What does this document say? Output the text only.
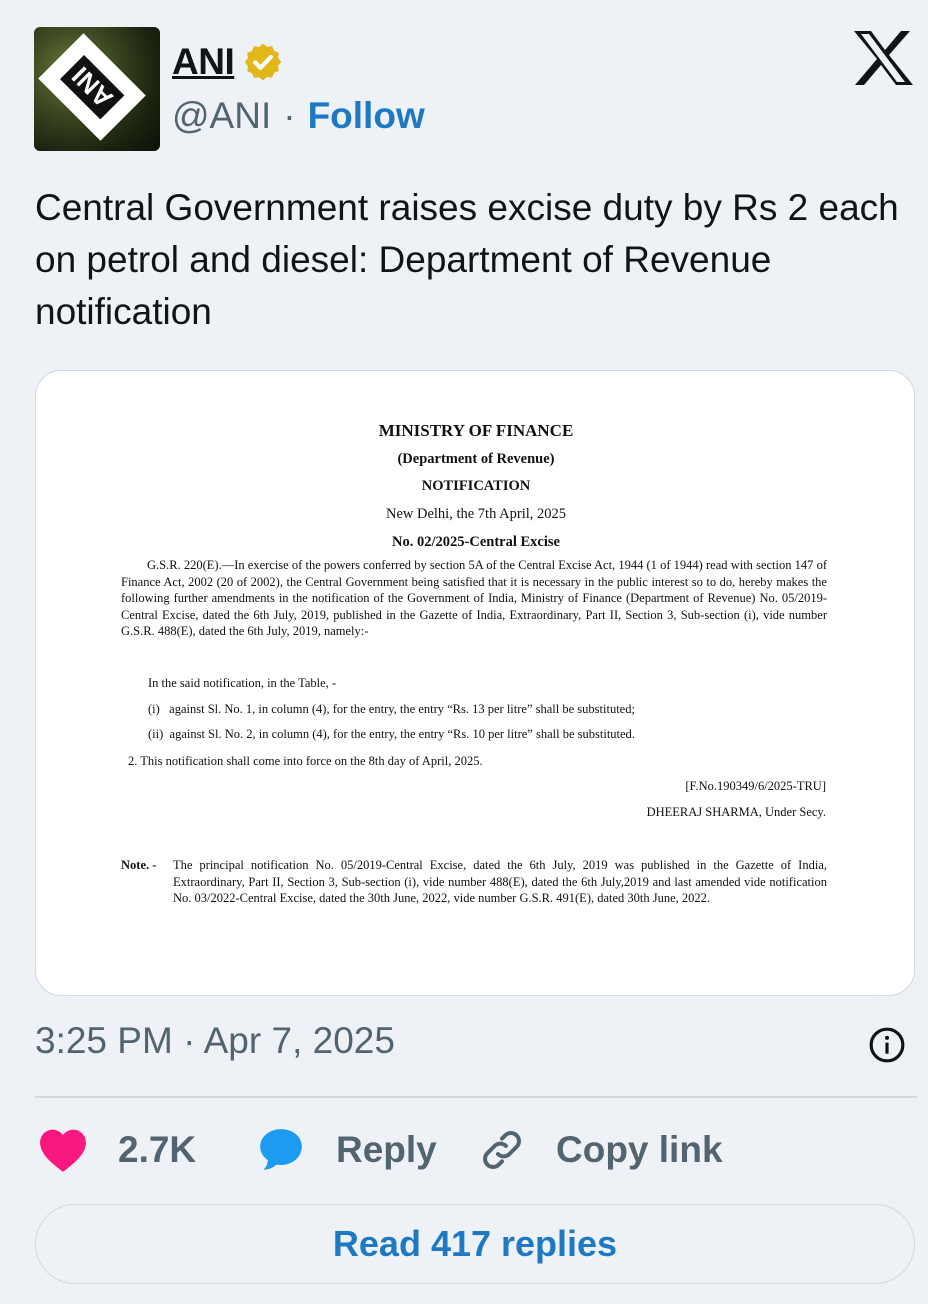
ANI ANI
@ANI · Follow

Central Government raises excise duty by Rs 2 each on petrol and diesel: Department of Revenue notification

MINISTRY OF FINANCE
(Department of Revenue)
NOTIFICATION
New Delhi, the 7th April, 2025
No. 02/2025-Central Excise

G.S.R. 220(E).—In exercise of the powers conferred by section 5A of the Central Excise Act, 1944 (1 of 1944) read with section 147 of Finance Act, 2002 (20 of 2002), the Central Government being satisfied that it is necessary in the public interest so to do, hereby makes the following further amendments in the notification of the Government of India, Ministry of Finance (Department of Revenue) No. 05/2019-Central Excise, dated the 6th July, 2019, published in the Gazette of India, Extraordinary, Part II, Section 3, Sub-section (i), vide number G.S.R. 488(E), dated the 6th July, 2019, namely:-

In the said notification, in the Table, -
(i)   against Sl. No. 1, in column (4), for the entry, the entry “Rs. 13 per litre” shall be substituted;
(ii)  against Sl. No. 2, in column (4), for the entry, the entry “Rs. 10 per litre” shall be substituted.
2. This notification shall come into force on the 8th day of April, 2025.
[F.No.190349/6/2025-TRU]
DHEERAJ SHARMA, Under Secy.
Note. - The principal notification No. 05/2019-Central Excise, dated the 6th July, 2019 was published in the Gazette of India, Extraordinary, Part II, Section 3, Sub-section (i), vide number 488(E), dated the 6th July,2019 and last amended vide notification No. 03/2022-Central Excise, dated the 30th June, 2022, vide number G.S.R. 491(E), dated 30th June, 2022.
3:25 PM · Apr 7, 2025
2.7K	Reply	Copy link
Read 417 replies
